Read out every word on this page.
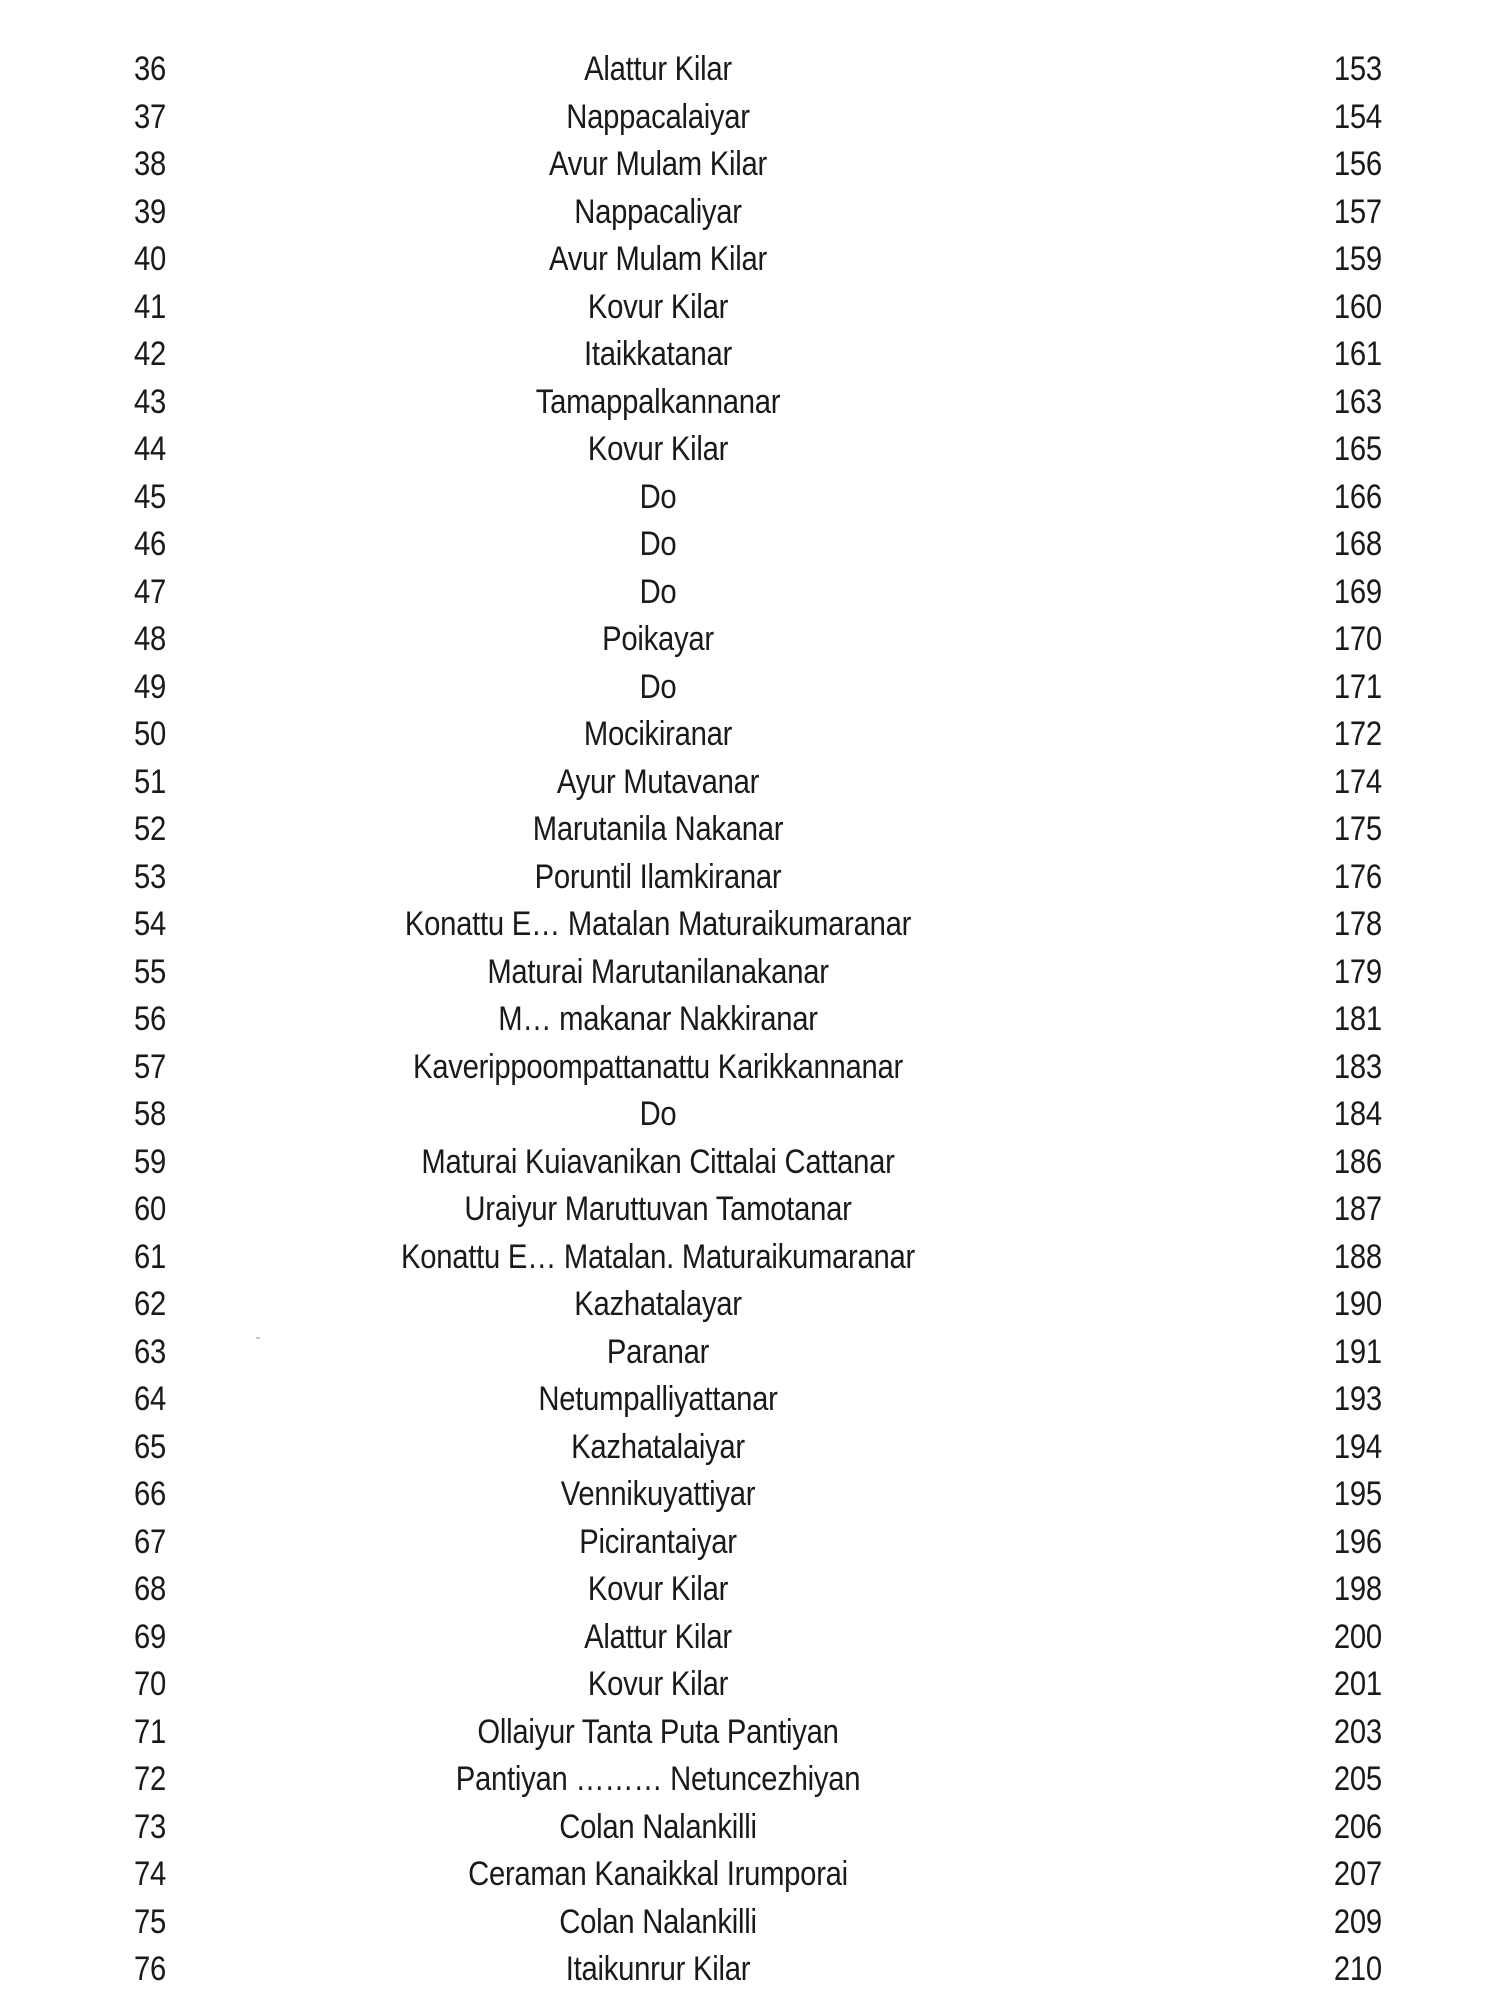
36	Alattur Kilar	153
37	Nappacalaiyar	154
38	Avur Mulam Kilar	156
39	Nappacaliyar	157
40	Avur Mulam Kilar	159
41	Kovur Kilar	160
42	Itaikkatanar	161
43	Tamappalkannanar	163
44	Kovur Kilar	165
45	Do	166
46	Do	168
47	Do	169
48	Poikayar	170
49	Do	171
50	Mocikiranar	172
51	Ayur Mutavanar	174
52	Marutanila Nakanar	175
53	Poruntil Ilamkiranar	176
54	Konattu E… Matalan Maturaikumaranar	178
55	Maturai Marutanilanakanar	179
56	M… makanar Nakkiranar	181
57	Kaverippoompattanattu Karikkannanar	183
58	Do	184
59	Maturai Kuiavanikan Cittalai Cattanar	186
60	Uraiyur Maruttuvan Tamotanar	187
61	Konattu E… Matalan. Maturaikumaranar	188
62	Kazhatalayar	190
63	Paranar	191
64	Netumpalliyattanar	193
65	Kazhatalaiyar	194
66	Vennikuyattiyar	195
67	Picirantaiyar	196
68	Kovur Kilar	198
69	Alattur Kilar	200
70	Kovur Kilar	201
71	Ollaiyur Tanta Puta Pantiyan	203
72	Pantiyan ……… Netuncezhiyan	205
73	Colan Nalankilli	206
74	Ceraman Kanaikkal Irumporai	207
75	Colan Nalankilli	209
76	Itaikunrur Kilar	210
